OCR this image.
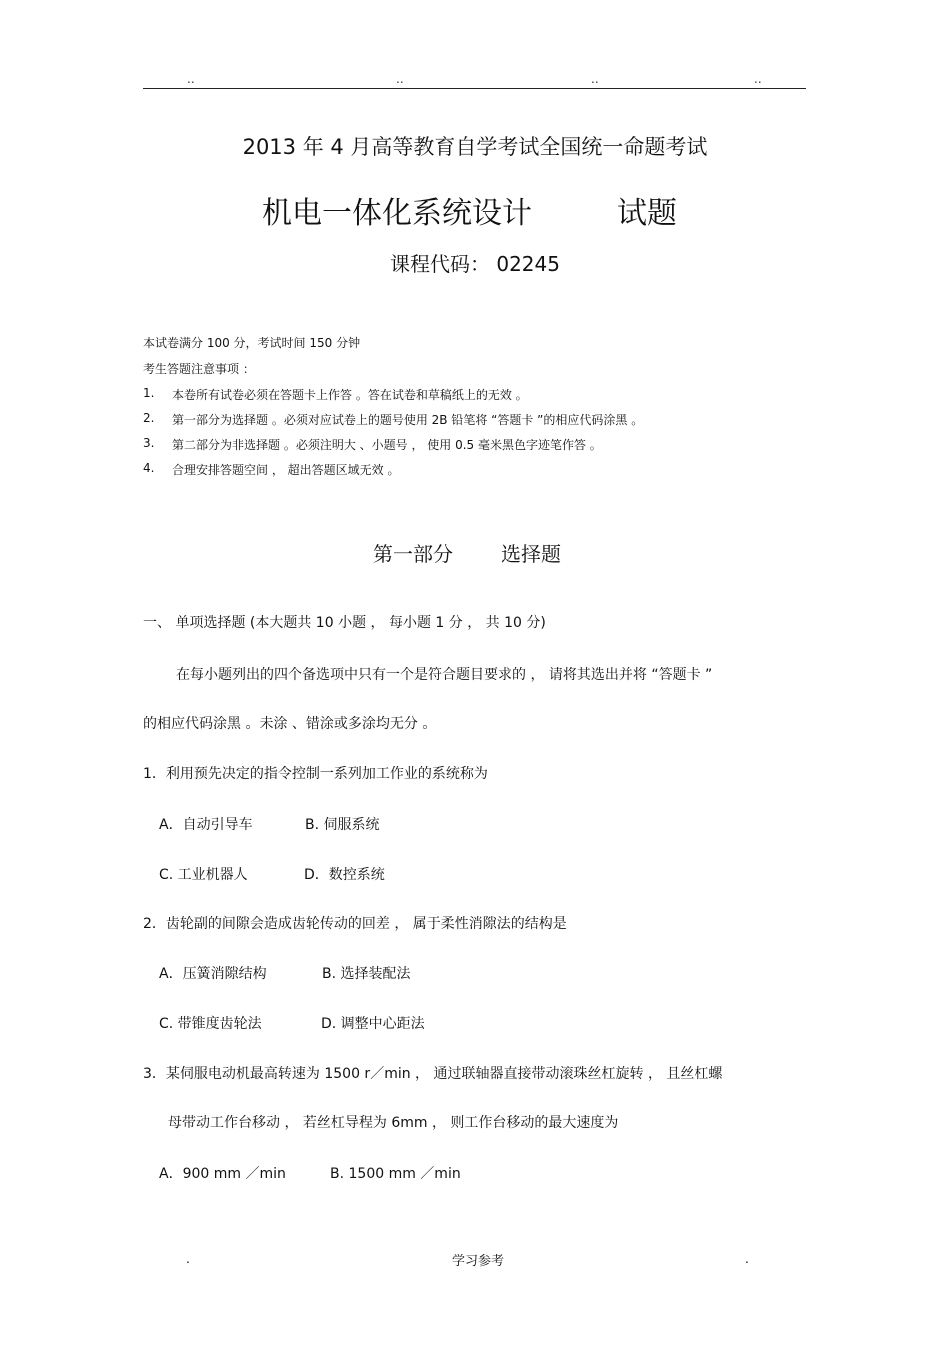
..	..	..	..
2013 年 4 月高等教育自学考试全国统一命题考试
机电一体化系统设计	试题
课程代码： 02245
本试卷满分 100 分，考试时间 150 分钟
考生答题注意事项 ：
1. 本卷所有试卷必须在答题卡上作答 。答在试卷和草稿纸上的无效 。
2. 第一部分为选择题 。必须对应试卷上的题号使用 2B 铅笔将 “答题卡 ”的相应代码涂黑 。
3. 第二部分为非选择题 。必须注明大 、小题号 ， 使用 0.5 毫米黑色字迹笔作答 。
4. 合理安排答题空间 ， 超出答题区域无效 。
第一部分 选择题
一、 单项选择题 (本大题共 10 小题 ， 每小题 1 分 ， 共 10 分)
在每小题列出的四个备选项中只有一个是符合题目要求的 ， 请将其选出并将 “答题卡 ”
的相应代码涂黑 。未涂 、错涂或多涂均无分 。
1．利用预先决定的指令控制一系列加工作业的系统称为
A．自动引导车	B. 伺服系统
C. 工业机器人	D．数控系统
2．齿轮副的间隙会造成齿轮传动的回差 ， 属于柔性消隙法的结构是
A．压簧消隙结构	B. 选择装配法
C. 带锥度齿轮法	D. 调整中心距法
3．某伺服电动机最高转速为 1500 r／min ， 通过联轴器直接带动滚珠丝杠旋转 ， 且丝杠螺
母带动工作台移动 ， 若丝杠导程为 6mm ， 则工作台移动的最大速度为
A．900 mm ／min	B. 1500 mm ／min
.	学习参考	.
